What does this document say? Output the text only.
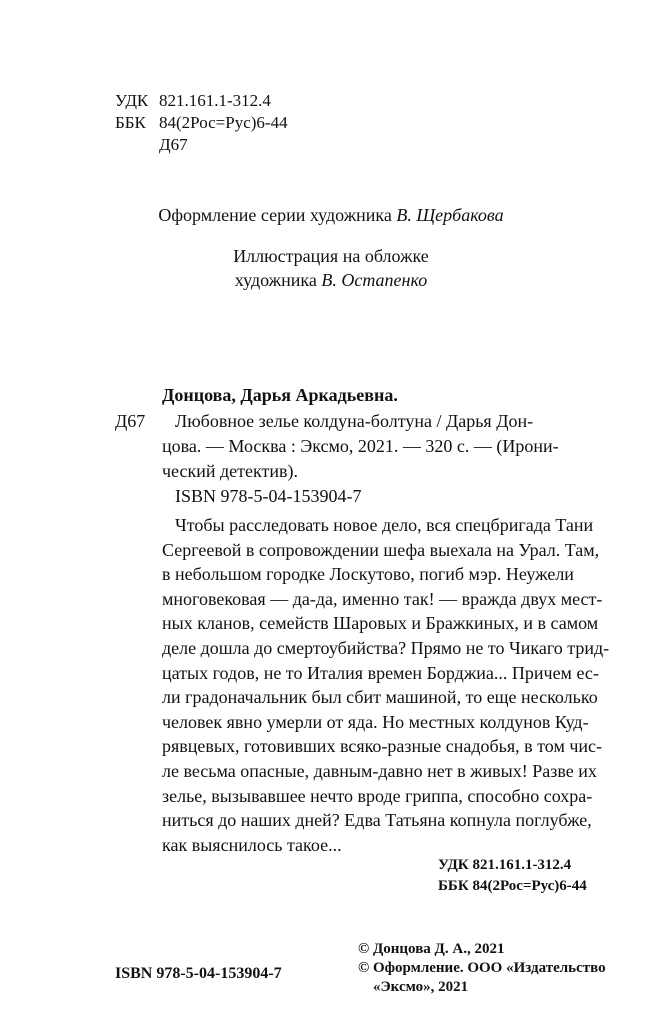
УДК 821.161.1-312.4
ББК 84(2Рос=Рус)6-44
Д67
Оформление серии художника В. Щербакова
Иллюстрация на обложке
художника В. Остапенко
Донцова, Дарья Аркадьевна.
Д67 Любовное зелье колдуна-болтуна / Дарья Дон-
цова. — Москва : Эксмо, 2021. — 320 с. — (Ирони-
ческий детектив).
ISBN 978-5-04-153904-7
Чтобы расследовать новое дело, вся спецбригада Тани
Сергеевой в сопровождении шефа выехала на Урал. Там,
в небольшом городке Лоскутово, погиб мэр. Неужели
многовековая — да-да, именно так! — вражда двух мест-
ных кланов, семейств Шаровых и Бражкиных, и в самом
деле дошла до смертоубийства? Прямо не то Чикаго трид-
цатых годов, не то Италия времен Борджиа... Причем ес-
ли градоначальник был сбит машиной, то еще несколько
человек явно умерли от яда. Но местных колдунов Куд-
рявцевых, готовивших всяко-разные снадобья, в том чис-
ле весьма опасные, давным-давно нет в живых! Разве их
зелье, вызывавшее нечто вроде гриппа, способно сохра-
ниться до наших дней? Едва Татьяна копнула поглубже,
как выяснилось такое...
УДК 821.161.1-312.4
ББК 84(2Рос=Рус)6-44
© Донцова Д. А., 2021
© Оформление. ООО «Издательство
«Эксмо», 2021
ISBN 978-5-04-153904-7
